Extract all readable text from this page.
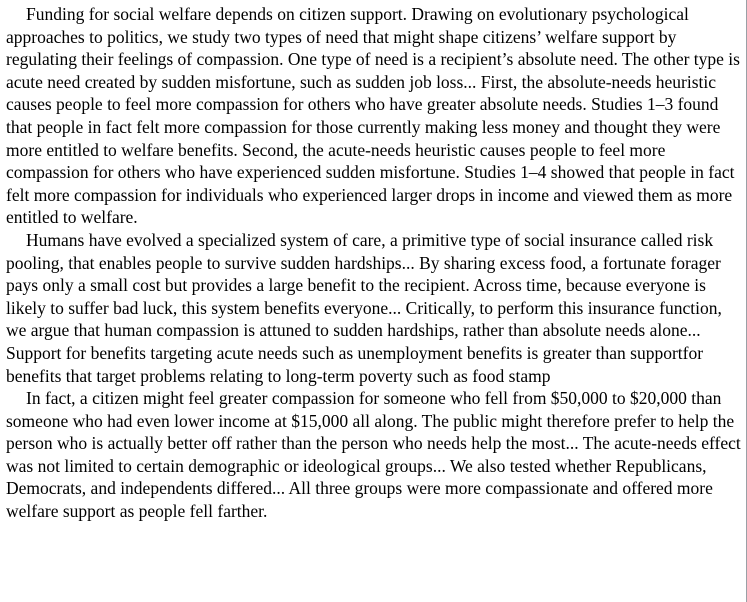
Funding for social welfare depends on citizen support. Drawing on evolutionary psychological approaches to politics, we study two types of need that might shape citizens’ welfare support by regulating their feelings of compassion. One type of need is a recipient’s absolute need. The other type is acute need created by sudden misfortune, such as sudden job loss... First, the absolute-needs heuristic causes people to feel more compassion for others who have greater absolute needs. Studies 1–3 found that people in fact felt more compassion for those currently making less money and thought they were more entitled to welfare benefits. Second, the acute-needs heuristic causes people to feel more compassion for others who have experienced sudden misfortune. Studies 1–4 showed that people in fact felt more compassion for individuals who experienced larger drops in income and viewed them as more entitled to welfare.

Humans have evolved a specialized system of care, a primitive type of social insurance called risk pooling, that enables people to survive sudden hardships... By sharing excess food, a fortunate forager pays only a small cost but provides a large benefit to the recipient. Across time, because everyone is likely to suffer bad luck, this system benefits everyone... Critically, to perform this insurance function, we argue that human compassion is attuned to sudden hardships, rather than absolute needs alone... Support for benefits targeting acute needs such as unemployment benefits is greater than supportfor benefits that target problems relating to long-term poverty such as food stamp

In fact, a citizen might feel greater compassion for someone who fell from $50,000 to $20,000 than someone who had even lower income at $15,000 all along. The public might therefore prefer to help the person who is actually better off rather than the person who needs help the most... The acute-needs effect was not limited to certain demographic or ideological groups... We also tested whether Republicans, Democrats, and independents differed... All three groups were more compassionate and offered more welfare support as people fell farther.
